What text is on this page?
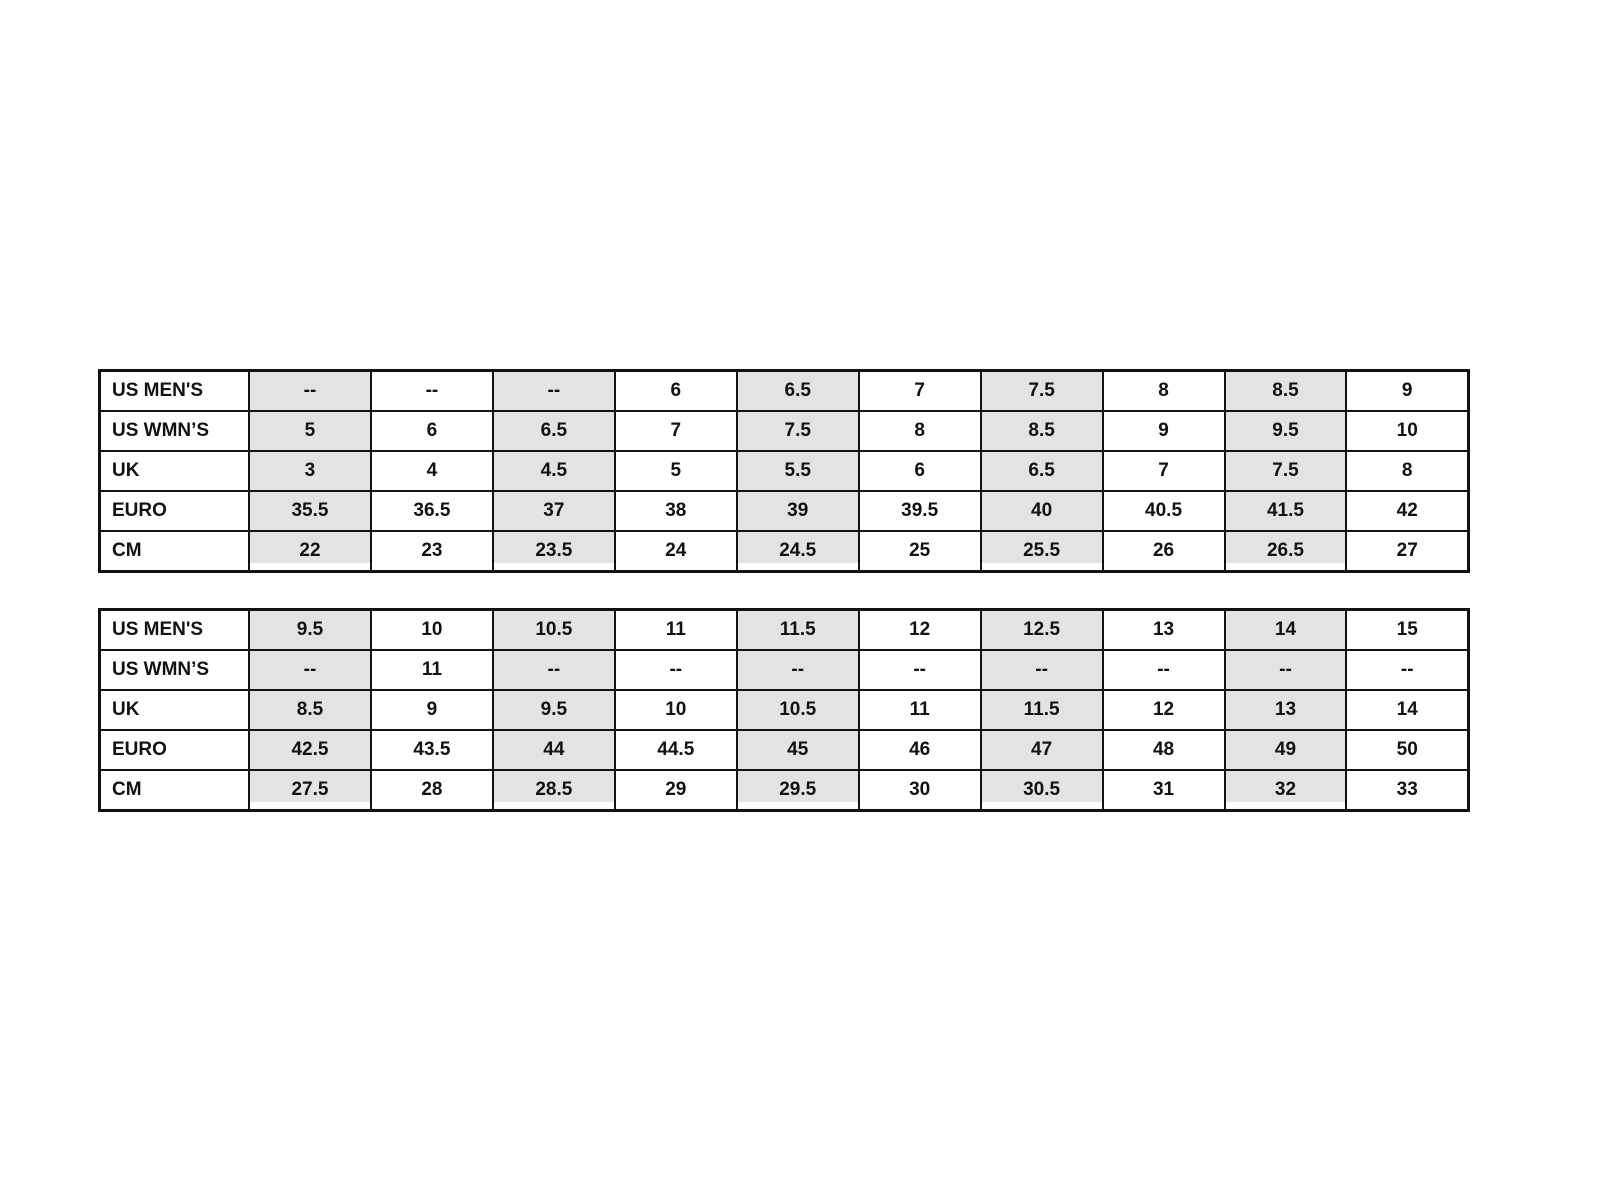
US MEN'S	--	--	--	6	6.5	7	7.5	8	8.5	9
US WMN’S	5	6	6.5	7	7.5	8	8.5	9	9.5	10
UK	3	4	4.5	5	5.5	6	6.5	7	7.5	8
EURO	35.5	36.5	37	38	39	39.5	40	40.5	41.5	42
CM	22	23	23.5	24	24.5	25	25.5	26	26.5	27
US MEN'S	9.5	10	10.5	11	11.5	12	12.5	13	14	15
US WMN’S	--	11	--	--	--	--	--	--	--	--
UK	8.5	9	9.5	10	10.5	11	11.5	12	13	14
EURO	42.5	43.5	44	44.5	45	46	47	48	49	50
CM	27.5	28	28.5	29	29.5	30	30.5	31	32	33
